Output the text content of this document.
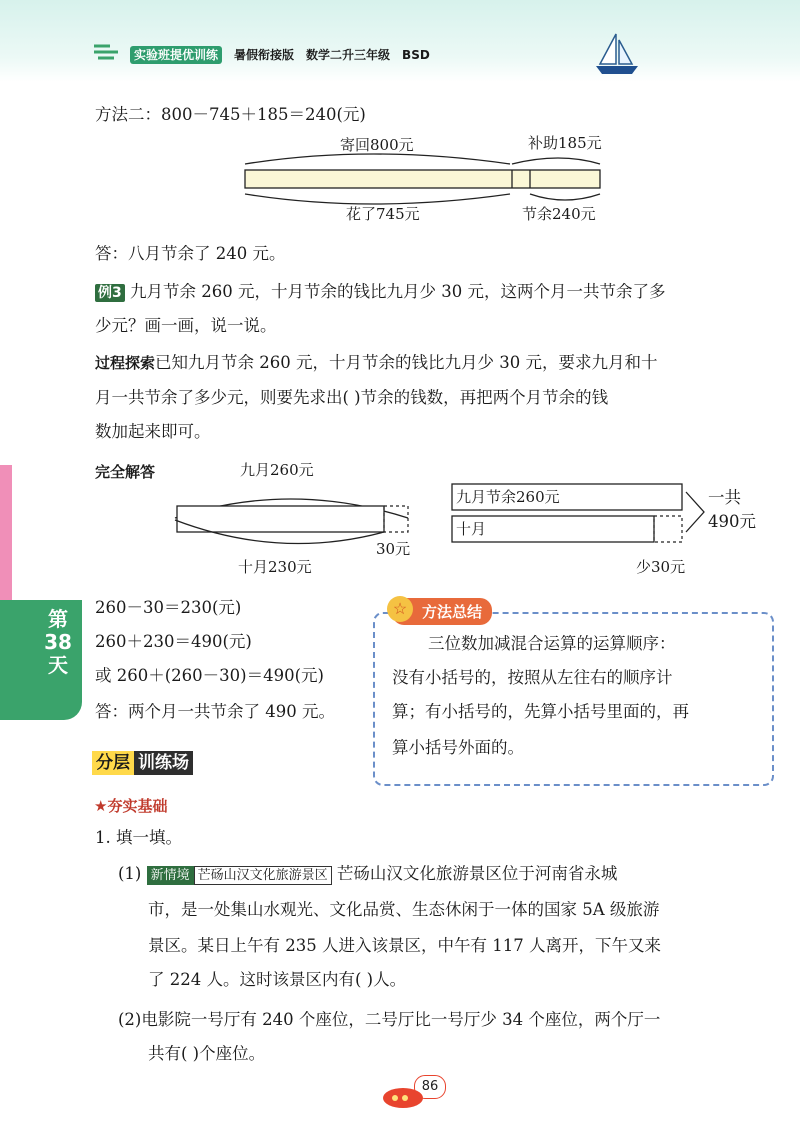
实验班提优训练 暑假衔接版 数学二升三年级 BSD
第38天
方法二：800－745＋185＝240(元)
寄回800元	补助185元
花了745元	节余240元
答：八月节余了 240 元。
例3 九月节余 260 元，十月节余的钱比九月少 30 元，这两个月一共节余了多
少元？画一画，说一说。
过程探索已知九月节余 260 元，十月节余的钱比九月少 30 元，要求九月和十
月一共节余了多少元，则要先求出( )节余的钱数，再把两个月节余的钱
数加起来即可。
完全解答	九月260元
十月230元
30元
九月节余260元
十月
一共
490元
少30元
260－30＝230(元)
260＋230＝490(元)
或 260＋(260－30)＝490(元)
答：两个月一共节余了 490 元。
方法总结
☆
三位数加减混合运算的运算顺序：
没有小括号的，按照从左往右的顺序计
算；有小括号的，先算小括号里面的，再
算小括号外面的。
分层 训练场
★夯实基础
1. 填一填。
(1) 新情境 芒砀山汉文化旅游景区 芒砀山汉文化旅游景区位于河南省永城
市，是一处集山水观光、文化品赏、生态休闲于一体的国家 5A 级旅游
景区。某日上午有 235 人进入该景区，中午有 117 人离开，下午又来
了 224 人。这时该景区内有( )人。
(2)电影院一号厅有 240 个座位，二号厅比一号厅少 34 个座位，两个厅一
共有( )个座位。
86
